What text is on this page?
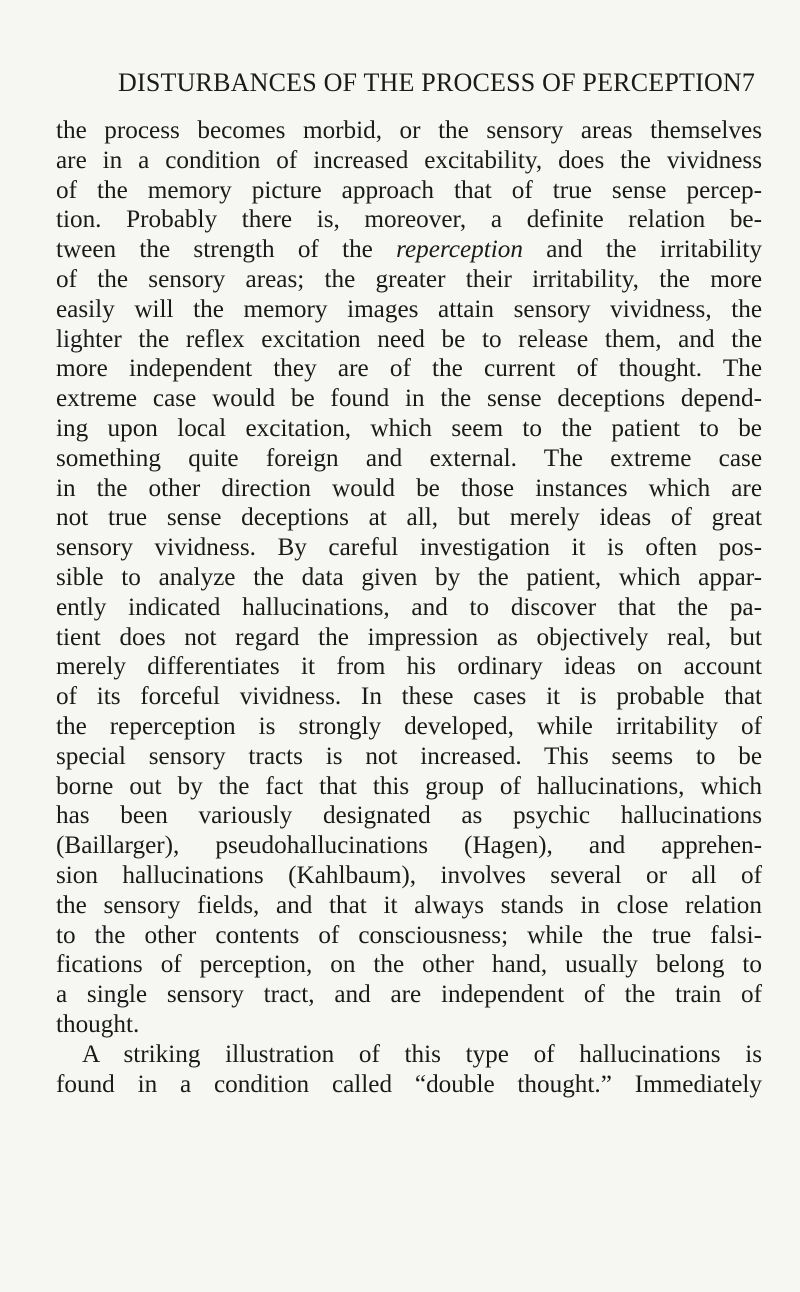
DISTURBANCES OF THE PROCESS OF PERCEPTION 7
the process becomes morbid, or the sensory areas themselves
are in a condition of increased excitability, does the vividness
of the memory picture approach that of true sense percep-
tion. Probably there is, moreover, a definite relation be-
tween the strength of the reperception and the irritability
of the sensory areas; the greater their irritability, the more
easily will the memory images attain sensory vividness, the
lighter the reflex excitation need be to release them, and the
more independent they are of the current of thought. The
extreme case would be found in the sense deceptions depend-
ing upon local excitation, which seem to the patient to be
something quite foreign and external. The extreme case
in the other direction would be those instances which are
not true sense deceptions at all, but merely ideas of great
sensory vividness. By careful investigation it is often pos-
sible to analyze the data given by the patient, which appar-
ently indicated hallucinations, and to discover that the pa-
tient does not regard the impression as objectively real, but
merely differentiates it from his ordinary ideas on account
of its forceful vividness. In these cases it is probable that
the reperception is strongly developed, while irritability of
special sensory tracts is not increased. This seems to be
borne out by the fact that this group of hallucinations, which
has been variously designated as psychic hallucinations
(Baillarger), pseudohallucinations (Hagen), and apprehen-
sion hallucinations (Kahlbaum), involves several or all of
the sensory fields, and that it always stands in close relation
to the other contents of consciousness; while the true falsi-
fications of perception, on the other hand, usually belong to
a single sensory tract, and are independent of the train of
thought.
A striking illustration of this type of hallucinations is
found in a condition called “double thought.” Immediately
